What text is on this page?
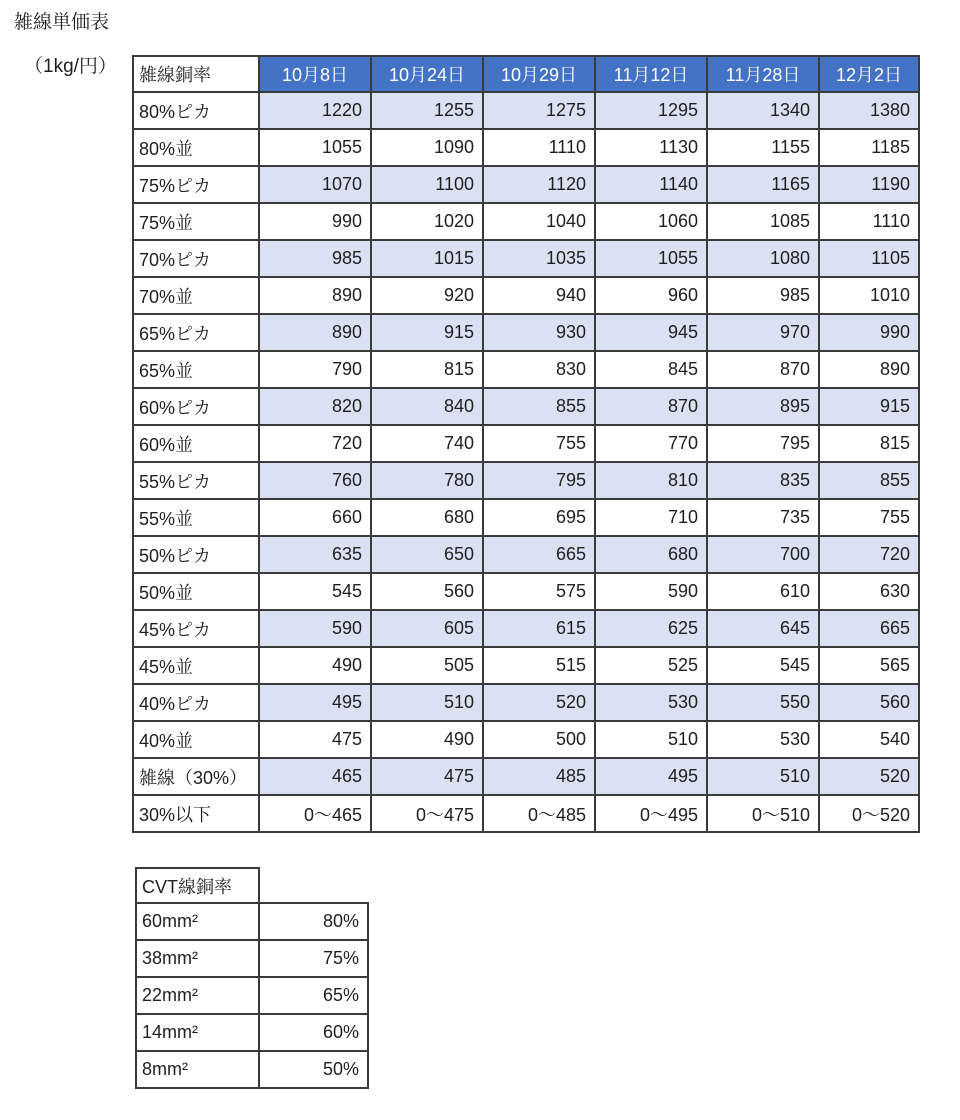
雑線単価表
（1kg/円） 雑線銅率	10月8日	10月24日	10月29日	11月12日	11月28日	12月2日
80%ピカ	1220	1255	1275	1295	1340	1380
80%並	1055	1090	1110	1130	1155	1185
75%ピカ	1070	1100	1120	1140	1165	1190
75%並	990	1020	1040	1060	1085	1110
70%ピカ	985	1015	1035	1055	1080	1105
70%並	890	920	940	960	985	1010
65%ピカ	890	915	930	945	970	990
65%並	790	815	830	845	870	890
60%ピカ	820	840	855	870	895	915
60%並	720	740	755	770	795	815
55%ピカ	760	780	795	810	835	855
55%並	660	680	695	710	735	755
50%ピカ	635	650	665	680	700	720
50%並	545	560	575	590	610	630
45%ピカ	590	605	615	625	645	665
45%並	490	505	515	525	545	565
40%ピカ	495	510	520	530	550	560
40%並	475	490	500	510	530	540
雑線（30%）	465	475	485	495	510	520
30%以下	0～465	0～475	0～485	0～495	0～510	0～520
CVT線銅率	
60mm²	80%
38mm²	75%
22mm²	65%
14mm²	60%
8mm²	50%
